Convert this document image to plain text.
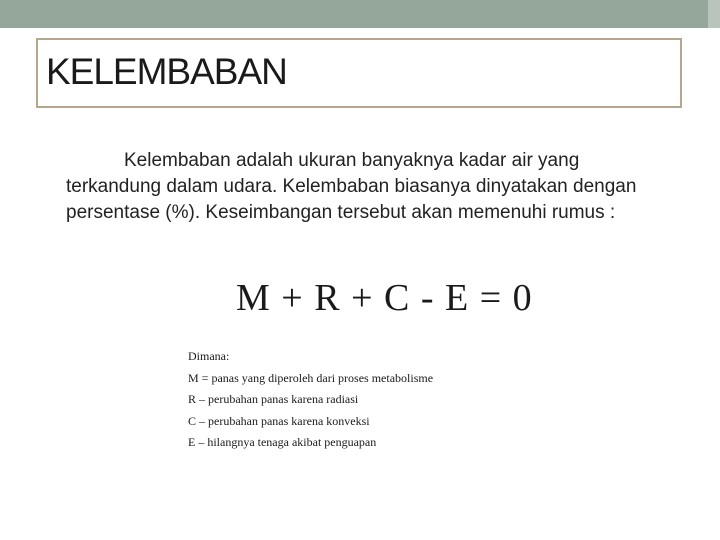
KELEMBABAN

Kelembaban adalah ukuran banyaknya kadar air yang terkandung dalam udara. Kelembaban biasanya dinyatakan dengan persentase (%). Keseimbangan tersebut akan memenuhi rumus :

M + R + C - E = 0
Dimana:
M = panas yang diperoleh dari proses metabolisme
R – perubahan panas karena radiasi
C – perubahan panas karena konveksi
E – hilangnya tenaga akibat penguapan
